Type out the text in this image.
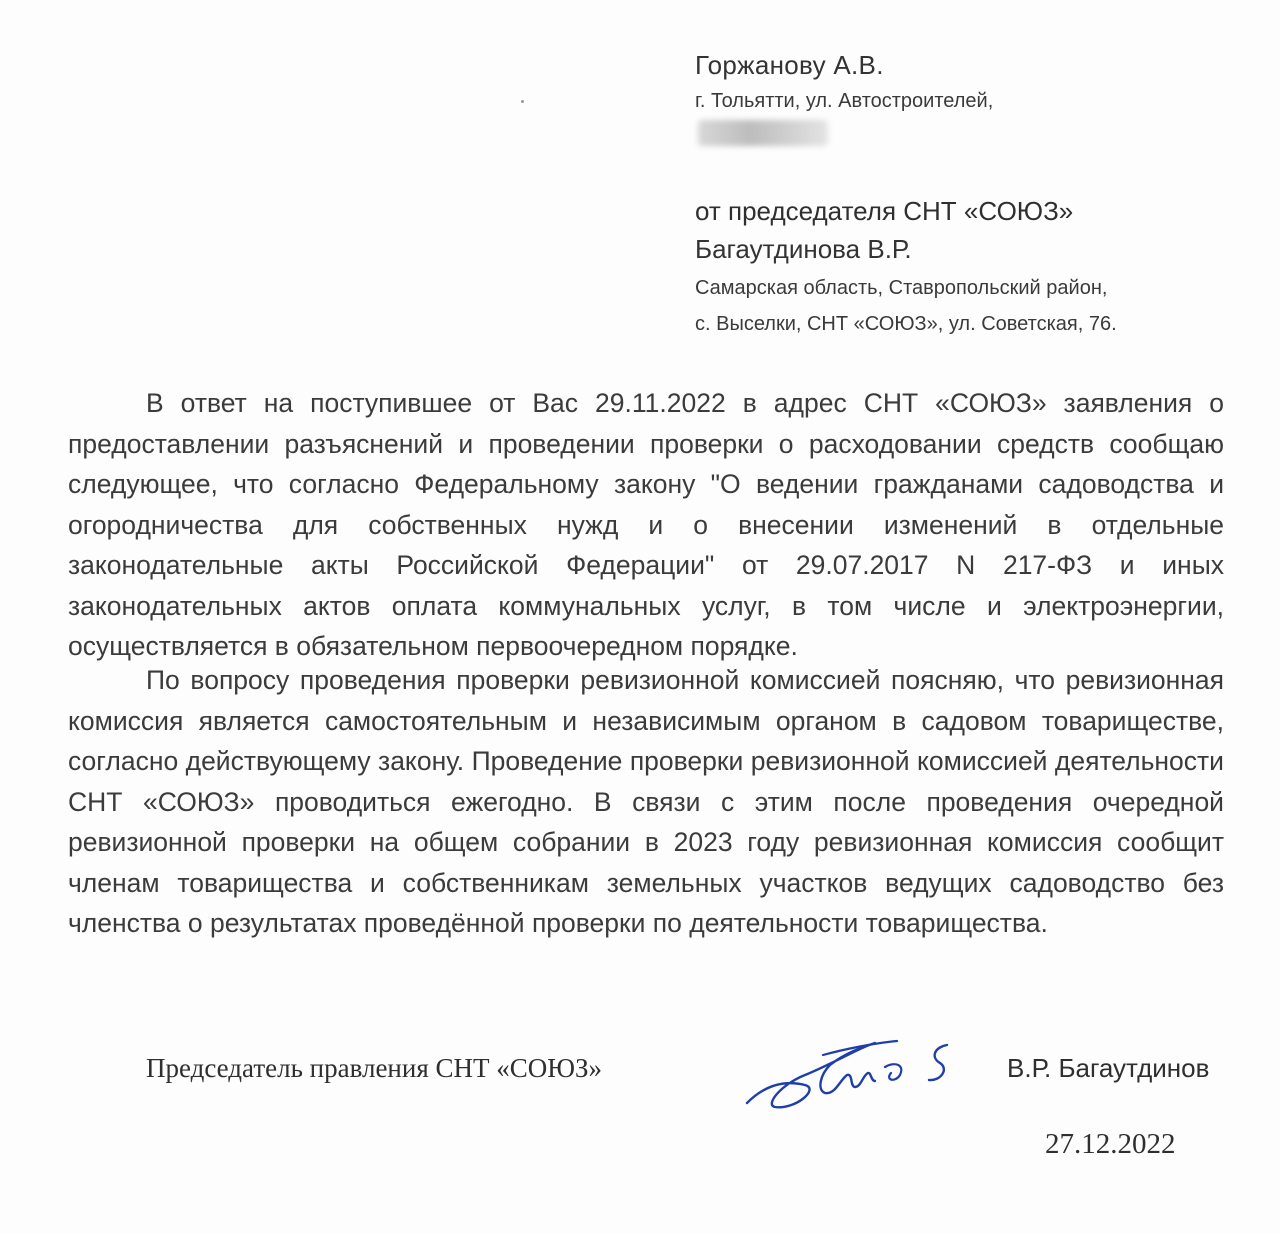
Горжанову А.В.
г. Тольятти, ул. Автостроителей,
от председателя СНТ «СОЮЗ»
Багаутдинова В.Р.
Самарская область, Ставропольский район,
с. Выселки, СНТ «СОЮЗ», ул. Советская, 76.

В ответ на поступившее от Вас 29.11.2022 в адрес СНТ «СОЮЗ» заявления о предоставлении разъяснений и проведении проверки о расходовании средств сообщаю следующее, что согласно Федеральному закону "О ведении гражданами садоводства и огородничества для собственных нужд и о внесении изменений в отдельные законодательные акты Российской Федерации" от 29.07.2017 N 217-ФЗ и иных законодательных актов оплата коммунальных услуг, в том числе и электроэнергии, осуществляется в обязательном первоочередном порядке.

По вопросу проведения проверки ревизионной комиссией поясняю, что ревизионная комиссия является самостоятельным и независимым органом в садовом товариществе, согласно действующему закону. Проведение проверки ревизионной комиссией деятельности СНТ «СОЮЗ» проводиться ежегодно. В связи с этим после проведения очередной ревизионной проверки на общем собрании в 2023 году ревизионная комиссия сообщит членам товарищества и собственникам земельных участков ведущих садоводство без членства о результатах проведённой проверки по деятельности товарищества.

Председатель правления СНТ «СОЮЗ»	В.Р. Багаутдинов
27.12.2022
